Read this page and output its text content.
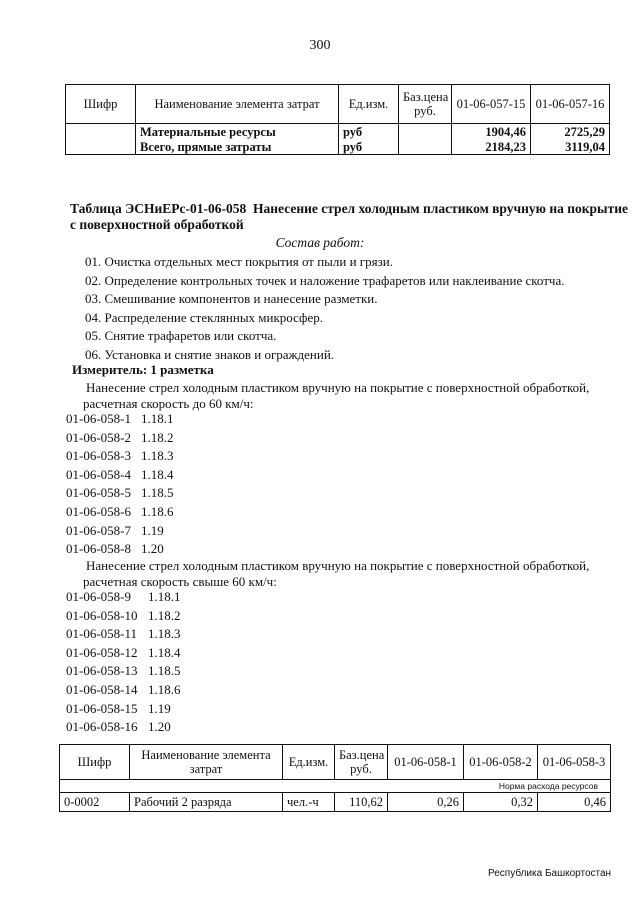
300
Шифр	Наименование элемента затрат	Ед.изм.	Баз.цена руб.	01-06-057-15	01-06-057-16
	Материальные ресурсы	руб		1904,46	2725,29
	Всего, прямые затраты	руб		2184,23	3119,04
Таблица ЭСНиЕРс-01-06-058 Нанесение стрел холодным пластиком вручную на покрытие с поверхностной обработкой
Состав работ:
01. Очистка отдельных мест покрытия от пыли и грязи.
02. Определение контрольных точек и наложение трафаретов или наклеивание скотча.
03. Смешивание компонентов и нанесение разметки.
04. Распределение стеклянных микросфер.
05. Снятие трафаретов или скотча.
06. Установка и снятие знаков и ограждений.
Измеритель: 1 разметка
Нанесение стрел холодным пластиком вручную на покрытие с поверхностной обработкой,
расчетная скорость до 60 км/ч:
01-06-058-1 1.18.1
01-06-058-2 1.18.2
01-06-058-3 1.18.3
01-06-058-4 1.18.4
01-06-058-5 1.18.5
01-06-058-6 1.18.6
01-06-058-7 1.19
01-06-058-8 1.20
Нанесение стрел холодным пластиком вручную на покрытие с поверхностной обработкой,
расчетная скорость свыше 60 км/ч:
01-06-058-9 1.18.1
01-06-058-10 1.18.2
01-06-058-11 1.18.3
01-06-058-12 1.18.4
01-06-058-13 1.18.5
01-06-058-14 1.18.6
01-06-058-15 1.19
01-06-058-16 1.20
Шифр	Наименование элемента затрат	Ед.изм.	Баз.цена руб.	01-06-058-1	01-06-058-2	01-06-058-3
Норма расхода ресурсов						
0-0002	Рабочий 2 разряда	чел.-ч	110,62	0,26	0,32	0,46
Республика Башкортостан
